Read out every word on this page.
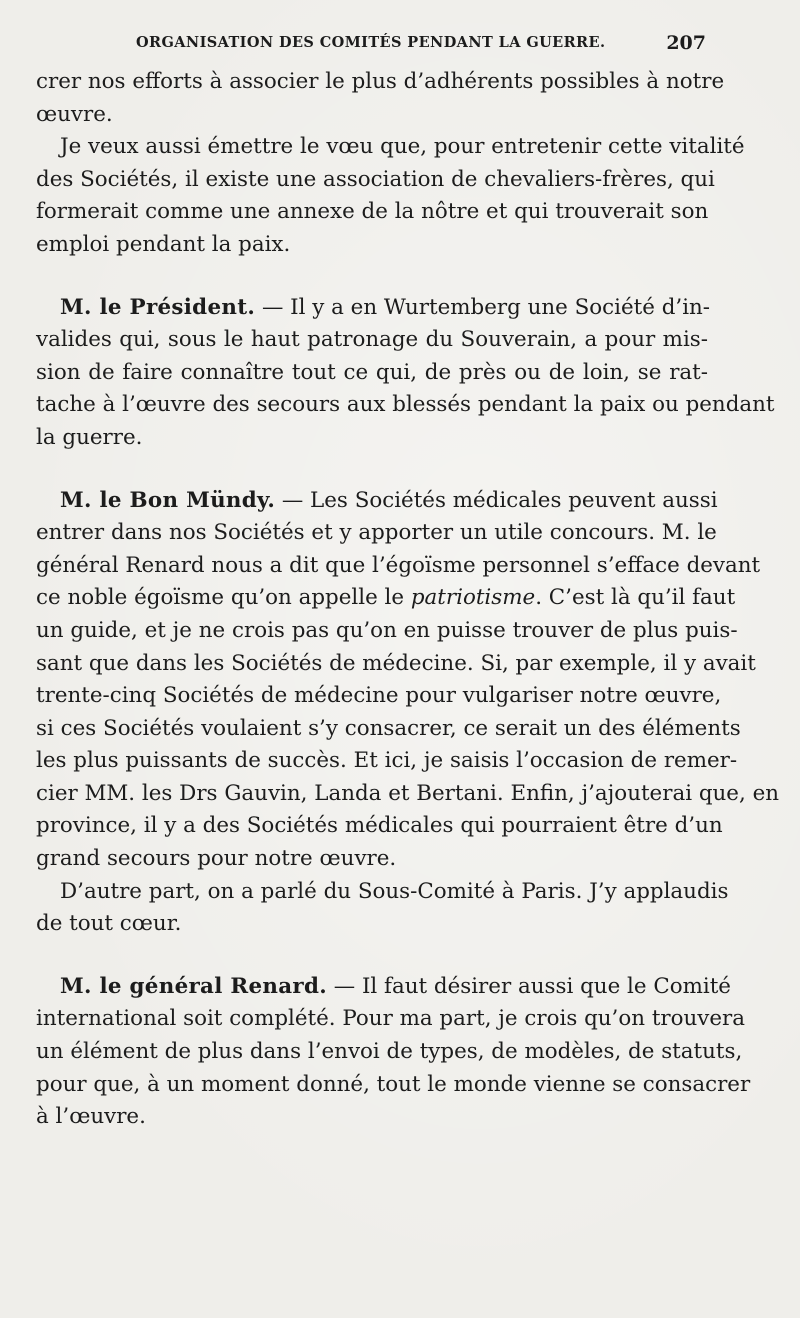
ORGANISATION DES COMITÉS PENDANT LA GUERRE.	207
crer nos efforts à associer le plus d’adhérents possibles à notre
œuvre.
Je veux aussi émettre le vœu que, pour entretenir cette vitalité
des Sociétés, il existe une association de chevaliers-frères, qui
formerait comme une annexe de la nôtre et qui trouverait son
emploi pendant la paix.
M. le Président. — Il y a en Wurtemberg une Société d’in-
valides qui, sous le haut patronage du Souverain, a pour mis-
sion de faire connaître tout ce qui, de près ou de loin, se rat-
tache à l’œuvre des secours aux blessés pendant la paix ou pendant
la guerre.
M. le Bon Mündy. — Les Sociétés médicales peuvent aussi
entrer dans nos Sociétés et y apporter un utile concours. M. le
général Renard nous a dit que l’égoïsme personnel s’efface devant
ce noble égoïsme qu’on appelle le patriotisme. C’est là qu’il faut
un guide, et je ne crois pas qu’on en puisse trouver de plus puis-
sant que dans les Sociétés de médecine. Si, par exemple, il y avait
trente-cinq Sociétés de médecine pour vulgariser notre œuvre,
si ces Sociétés voulaient s’y consacrer, ce serait un des éléments
les plus puissants de succès. Et ici, je saisis l’occasion de remer-
cier MM. les Drs Gauvin, Landa et Bertani. Enfin, j’ajouterai que, en
province, il y a des Sociétés médicales qui pourraient être d’un
grand secours pour notre œuvre.
D’autre part, on a parlé du Sous-Comité à Paris. J’y applaudis
de tout cœur.
M. le général Renard. — Il faut désirer aussi que le Comité
international soit complété. Pour ma part, je crois qu’on trouvera
un élément de plus dans l’envoi de types, de modèles, de statuts,
pour que, à un moment donné, tout le monde vienne se consacrer
à l’œuvre.
